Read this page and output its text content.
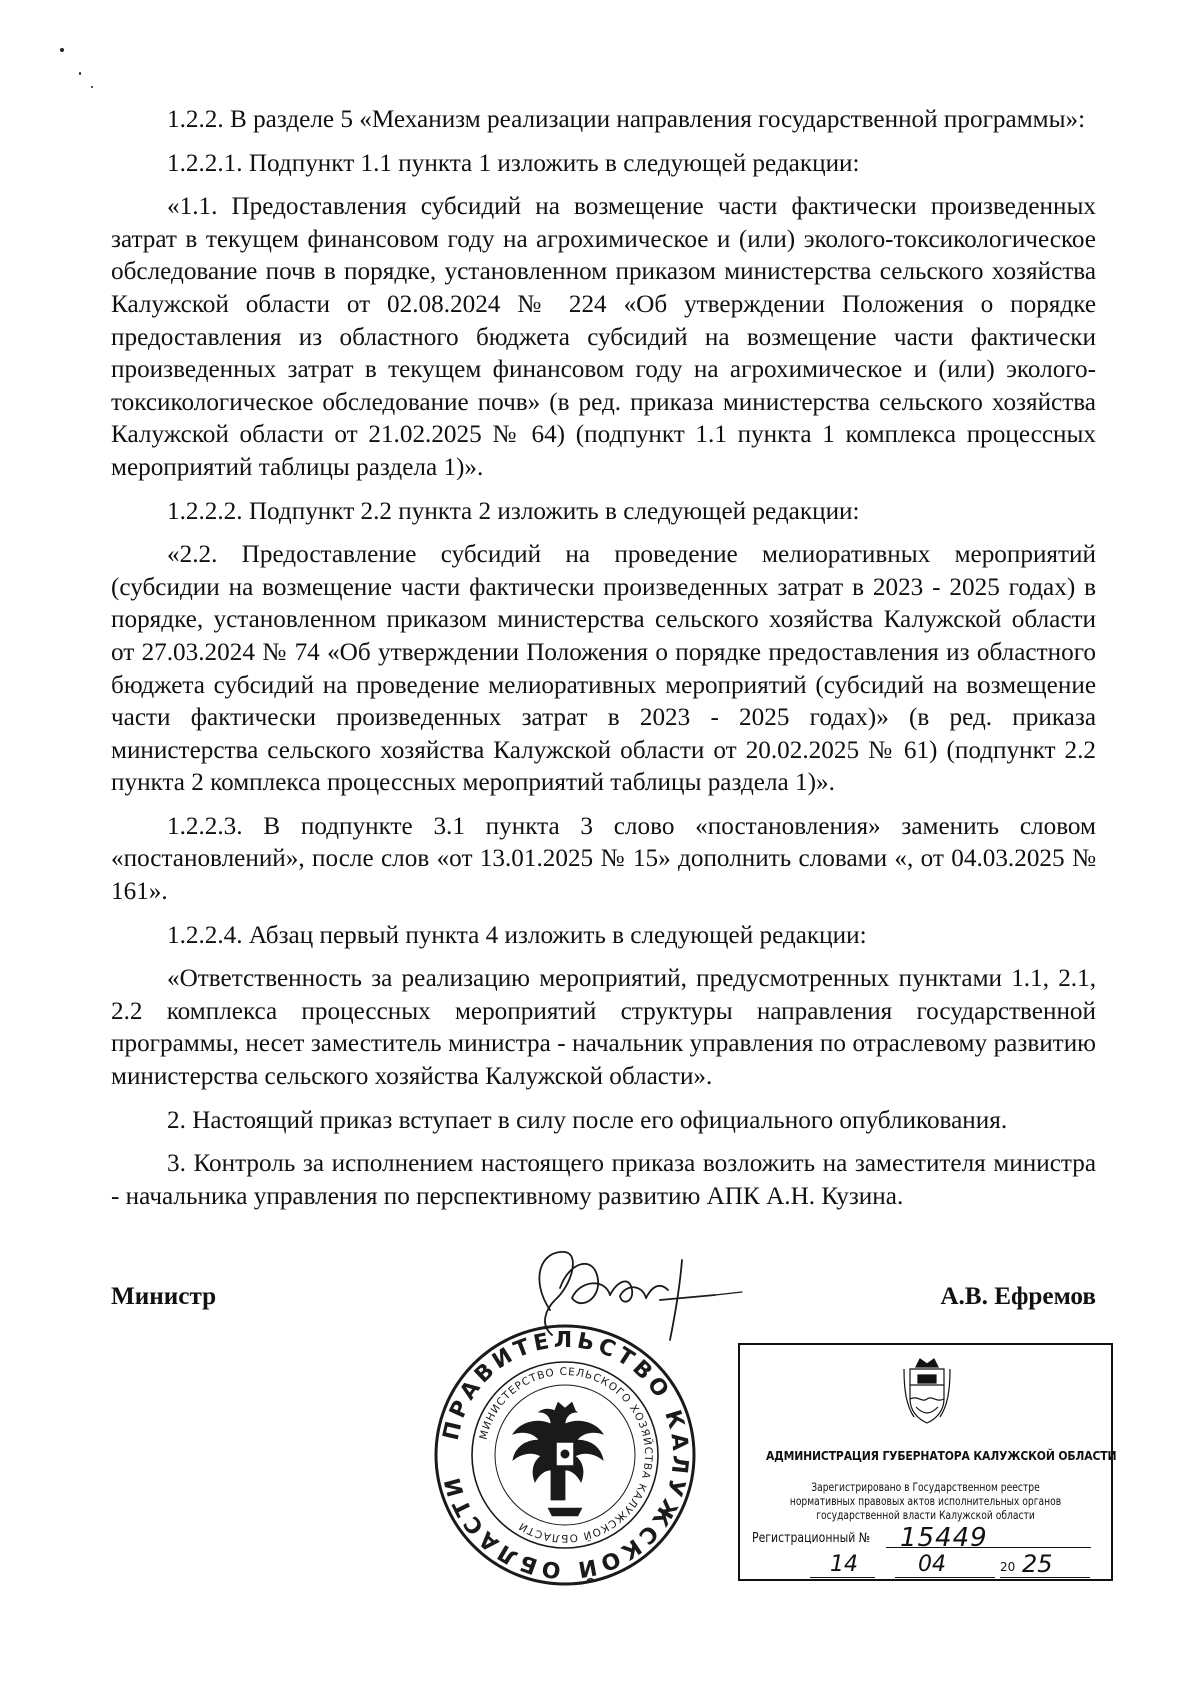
1.2.2. В разделе 5 «Механизм реализации направления государственной программы»:

1.2.2.1. Подпункт 1.1 пункта 1 изложить в следующей редакции:

«1.1. Предоставления субсидий на возмещение части фактически произведенных затрат в текущем финансовом году на агрохимическое и (или) эколого-токсикологическое обследование почв в порядке, установленном приказом министерства сельского хозяйства Калужской области от 02.08.2024 № 224 «Об утверждении Положения о порядке предоставления из областного бюджета субсидий на возмещение части фактически произведенных затрат в текущем финансовом году на агрохимическое и (или) эколого-токсикологическое обследование почв» (в ред. приказа министерства сельского хозяйства Калужской области от 21.02.2025 № 64) (подпункт 1.1 пункта 1 комплекса процессных мероприятий таблицы раздела 1)».

1.2.2.2. Подпункт 2.2 пункта 2 изложить в следующей редакции:

«2.2. Предоставление субсидий на проведение мелиоративных мероприятий (субсидии на возмещение части фактически произведенных затрат в 2023 - 2025 годах) в порядке, установленном приказом министерства сельского хозяйства Калужской области от 27.03.2024 № 74 «Об утверждении Положения о порядке предоставления из областного бюджета субсидий на проведение мелиоративных мероприятий (субсидий на возмещение части фактически произведенных затрат в 2023 - 2025 годах)» (в ред. приказа министерства сельского хозяйства Калужской области от 20.02.2025 № 61) (подпункт 2.2 пункта 2 комплекса процессных мероприятий таблицы раздела 1)».

1.2.2.3. В подпункте 3.1 пункта 3 слово «постановления» заменить словом «постановлений», после слов «от 13.01.2025 № 15» дополнить словами «, от 04.03.2025 № 161».

1.2.2.4. Абзац первый пункта 4 изложить в следующей редакции:

«Ответственность за реализацию мероприятий, предусмотренных пунктами 1.1, 2.1, 2.2 комплекса процессных мероприятий структуры направления государственной программы, несет заместитель министра - начальник управления по отраслевому развитию министерства сельского хозяйства Калужской области».

2. Настоящий приказ вступает в силу после его официального опубликования.

3. Контроль за исполнением настоящего приказа возложить на заместителя министра - начальника управления по перспективному развитию АПК А.Н. Кузина.

Министр	А.В. Ефремов
ПРАВИТЕЛЬСТВО КАЛУЖСКОЙ ОБЛАСТИ
МИНИСТЕРСТВО СЕЛЬСКОГО ХОЗЯЙСТВА КАЛУЖСКОЙ ОБЛАСТИ
АДМИНИСТРАЦИЯ ГУБЕРНАТОРА КАЛУЖСКОЙ ОБЛАСТИ
Зарегистрировано в Государственном реестре нормативных правовых актов исполнительных органов государственной власти Калужской области
Регистрационный № 15449
14	04	20 25
